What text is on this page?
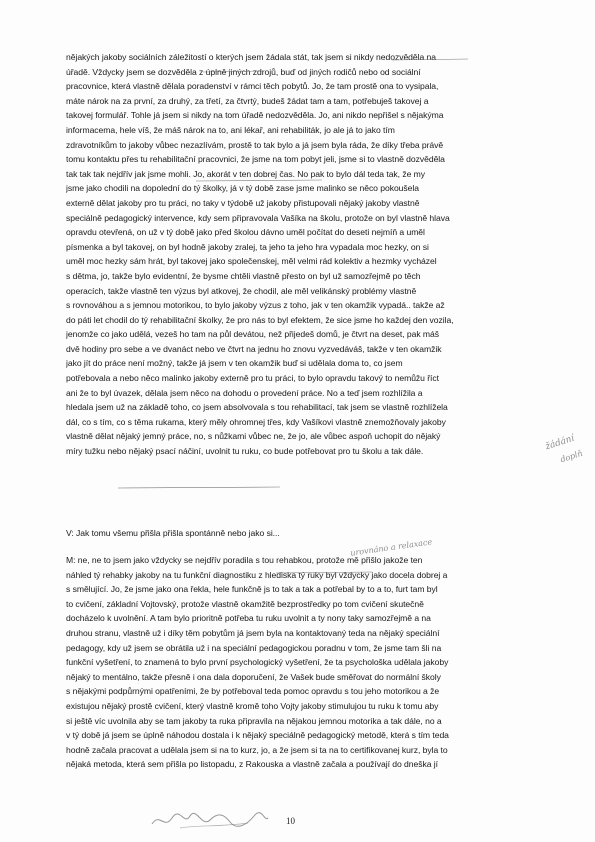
nějakých jakoby sociálních záležitostí o kterých jsem žádala stát, tak jsem si nikdy nedozvěděla na
úřadě. Vždycky jsem se dozvěděla z úplně jiných zdrojů, buď od jiných rodičů nebo od sociální
pracovnice, která vlastně dělala poradenství v rámci těch pobytů. Jo, že tam prostě ona to vysipala,
máte nárok na za první, za druhý, za třetí, za čtvrtý, budeš žádat tam a tam, potřebuješ takovej a
takovej formulář. Tohle já jsem si nikdy na tom úřadě nedozvěděla. Jo, ani nikdo nepřišel s nějakýma
informacema, hele víš, že máš nárok na to, ani lékař, ani rehabiliták, jo ale já to jako tím
zdravotníkům to jakoby vůbec nezazlívám, prostě to tak bylo a já jsem byla ráda, že díky třeba právě
tomu kontaktu přes tu rehabilitační pracovnici, že jsme na tom pobyt jeli, jsme si to vlastně dozvěděla
tak tak tak nejdřív jak jsme mohli. Jo, akorát v ten dobrej čas. No pak to bylo dál teda tak, že my
jsme jako chodili na dopolední do tý školky, já v tý době zase jsme malinko se něco pokoušela
externě dělat jakoby pro tu práci, no taky v týdobě už jakoby přistupovali nějaký jakoby vlastně
speciálně pedagogický intervence, kdy sem připravovala Vašíka na školu, protože on byl vlastně hlava
opravdu otevřená, on už v tý době jako před školou dávno uměl počítat do deseti nejmíň a uměl
písmenka a byl takovej, on byl hodně jakoby zralej, ta jeho ta jeho hra vypadala moc hezky, on si
uměl moc hezky sám hrát, byl takovej jako společenskej, měl velmi rád kolektiv a hezmky vycházel
s dětma, jo, takže bylo evidentní, že bysme chtěli vlastně přesto on byl už samozřejmě po těch
operacích, takže vlastně ten výzus byl atkovej, že chodil, ale měl velikánský problémy vlastně
s rovnováhou a s jemnou motorikou, to bylo jakoby výzus z toho, jak v ten okamžik vypadá.. takže až
do páti let chodil do tý rehabilitační školky, že pro nás to byl efektem, že sice jsme ho každej den vozila,
jenomže co jako udělá, vezeš ho tam na půl devátou, než přijedeš domů, je čtvrt na deset, pak máš
dvě hodiny pro sebe a ve dvanáct nebo ve čtvrt na jednu ho znovu vyzvedáváš, takže v ten okamžik
jako jít do práce není možný, takže já jsem v ten okamžik buď si udělala doma to, co jsem
potřebovala a nebo něco malinko jakoby externě pro tu práci, to bylo opravdu takový to nemůžu říct
ani že to byl úvazek, dělala jsem něco na dohodu o provedení práce. No a teď jsem rozhlížila a
hledala jsem už na základě toho, co jsem absolvovala s tou rehabilitací, tak jsem se vlastně rozhlížela
dál, co s tím, co s těma rukama, který měly ohromnej třes, kdy Vašíkovi vlastně znemožňovaly jakoby
vlastně dělat nějaký jemný práce, no, s nůžkami vůbec ne, že jo, ale vůbec aspoň uchopit do nějaký
míry tužku nebo nějaký psací náčiní, uvolnit tu ruku, co bude potřebovat pro tu školu a tak dále.
V: Jak tomu všemu přišla přišla spontánně nebo jako si...
M: ne, ne to jsem jako vždycky se nejdřív poradila s tou rehabkou, protože mě přišlo jakože ten
náhled tý rehabky jakoby na tu funkční diagnostiku z hlediska tý ruky byl vždycky jako docela dobrej a
s smělující. Jo, že jsme jako ona řekla, hele funkčně js to tak a tak a potřebal by to a to, furt tam byl
to cvičení, základní Vojtovský, protože vlastně okamžitě bezprostředky po tom cvičení skutečně
docházelo k uvolnění. A tam bylo prioritně potřeba tu ruku uvolnit a ty nony taky samozřejmě a na
druhou stranu, vlastně už i díky těm pobytům já jsem byla na kontaktovaný teda na nějaký speciální
pedagogy, kdy už jsem se obrátila už i na speciální pedagogickou poradnu v tom, že jsme tam šli na
funkční vyšetření, to znamená to bylo první psychologický vyšetření, že ta psychološka udělala jakoby
nějaký to mentálno, takže přesně i ona dala doporučení, že Vašek bude směřovat do normální školy
s nějakými podpůrnými opatřeními, že by potřeboval teda pomoc opravdu s tou jeho motorikou a že
existujou nějaký prostě cvičení, který vlastně kromě toho Vojty jakoby stimulujou tu ruku k tomu aby
si ještě víc uvolnila aby se tam jakoby ta ruka připravila na nějakou jemnou motorika a tak dále, no a
v tý době já jsem se úplně náhodou dostala i k nějaký speciálně pedagogický metodě, která s tím teda
hodně začala pracovat a udělala jsem si na to kurz, jo, a že jsem si ta na to certifikovanej kurz, byla to
nějaká metoda, která sem přišla po listopadu, z Rakouska a vlastně začala a používají do dneška jí
10
žádání
doplň
urovnáno a relaxace
